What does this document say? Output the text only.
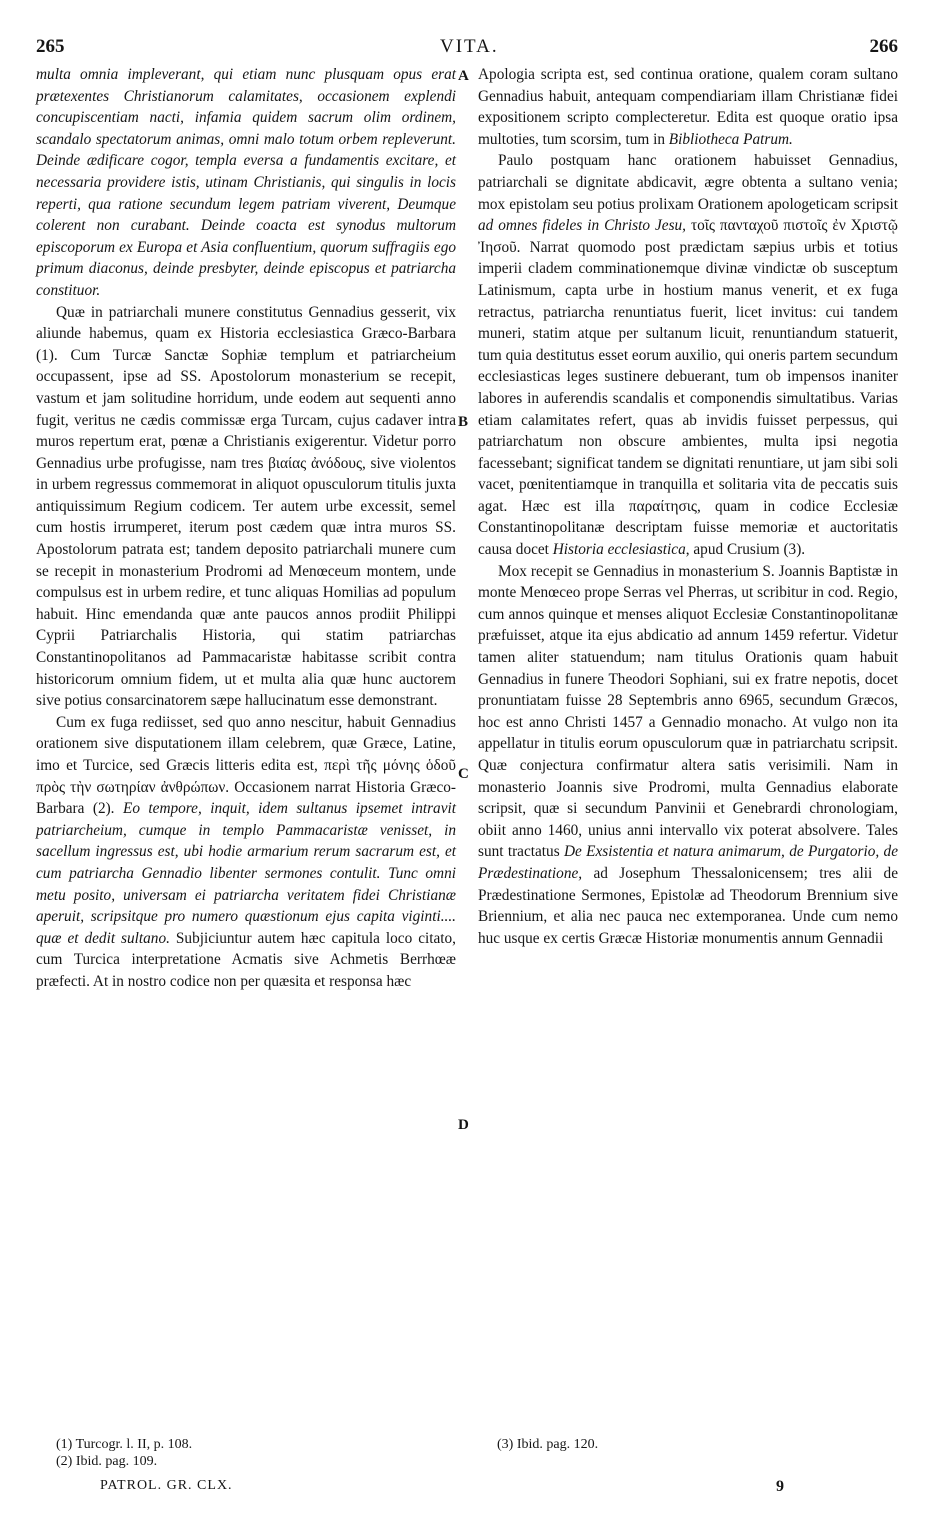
265	VITA.	266
A
B
C
D

multa omnia impleverant, qui etiam nunc plusquam opus erat prætexentes Christianorum calamitates, occasionem explendi concupiscentiam nacti, infamia quidem sacrum olim ordinem, scandalo spectatorum animas, omni malo totum orbem repleverunt. Deinde ædificare cogor, templa eversa a fundamentis excitare, et necessaria providere istis, utinam Christianis, qui singulis in locis reperti, qua ratione secundum legem patriam viverent, Deumque colerent non curabant. Deinde coacta est synodus multorum episcoporum ex Europa et Asia confluentium, quorum suffragiis ego primum diaconus, deinde presbyter, deinde episcopus et patriarcha constituor.

Quæ in patriarchali munere constitutus Gennadius gesserit, vix aliunde habemus, quam ex Historia ecclesiastica Græco-Barbara (1). Cum Turcæ Sanctæ Sophiæ templum et patriarcheium occupassent, ipse ad SS. Apostolorum monasterium se recepit, vastum et jam solitudine horridum, unde eodem aut sequenti anno fugit, veritus ne cædis commissæ erga Turcam, cujus cadaver intra muros repertum erat, pœnæ a Christianis exigerentur. Videtur porro Gennadius urbe profugisse, nam tres βιαίας ἀνόδους, sive violentos in urbem regressus commemorat in aliquot opusculorum titulis juxta antiquissimum Regium codicem. Ter autem urbe excessit, semel cum hostis irrumperet, iterum post cædem quæ intra muros SS. Apostolorum patrata est; tandem deposito patriarchali munere cum se recepit in monasterium Prodromi ad Menœceum montem, unde compulsus est in urbem redire, et tunc aliquas Homilias ad populum habuit. Hinc emendanda quæ ante paucos annos prodiit Philippi Cyprii Patriarchalis Historia, qui statim patriarchas Constantinopolitanos ad Pammacaristæ habitasse scribit contra historicorum omnium fidem, ut et multa alia quæ hunc auctorem sive potius consarcinatorem sæpe hallucinatum esse demonstrant.

Cum ex fuga rediisset, sed quo anno nescitur, habuit Gennadius orationem sive disputationem illam celebrem, quæ Græce, Latine, imo et Turcice, sed Græcis litteris edita est, περὶ τῆς μόνης ὁδοῦ πρὸς τὴν σωτηρίαν ἀνθρώπων. Occasionem narrat Historia Græco-Barbara (2). Eo tempore, inquit, idem sultanus ipsemet intravit patriarcheium, cumque in templo Pammacaristæ venisset, in sacellum ingressus est, ubi hodie armarium rerum sacrarum est, et cum patriarcha Gennadio libenter sermones contulit. Tunc omni metu posito, universam ei patriarcha veritatem fidei Christianæ aperuit, scripsitque pro numero quæstionum ejus capita viginti.... quæ et dedit sultano. Subjiciuntur autem hæc capitula loco citato, cum Turcica interpretatione Acmatis sive Achmetis Berrhœæ præfecti. At in nostro codice non per quæsita et responsa hæc

Apologia scripta est, sed continua oratione, qualem coram sultano Gennadius habuit, antequam compendiariam illam Christianæ fidei expositionem scripto complecteretur. Edita est quoque oratio ipsa multoties, tum scorsim, tum in Bibliotheca Patrum.

Paulo postquam hanc orationem habuisset Gennadius, patriarchali se dignitate abdicavit, ægre obtenta a sultano venia; mox epistolam seu potius prolixam Orationem apologeticam scripsit ad omnes fideles in Christo Jesu, τοῖς πανταχοῦ πιστοῖς ἐν Χριστῷ Ἰησοῦ. Narrat quomodo post prædictam sæpius urbis et totius imperii cladem comminationemque divinæ vindictæ ob susceptum Latinismum, capta urbe in hostium manus venerit, et ex fuga retractus, patriarcha renuntiatus fuerit, licet invitus: cui tandem muneri, statim atque per sultanum licuit, renuntiandum statuerit, tum quia destitutus esset eorum auxilio, qui oneris partem secundum ecclesiasticas leges sustinere debuerant, tum ob impensos inaniter labores in auferendis scandalis et componendis simultatibus. Varias etiam calamitates refert, quas ab invidis fuisset perpessus, qui patriarchatum non obscure ambientes, multa ipsi negotia facessebant; significat tandem se dignitati renuntiare, ut jam sibi soli vacet, pœnitentiamque in tranquilla et solitaria vita de peccatis suis agat. Hæc est illa παραίτησις, quam in codice Ecclesiæ Constantinopolitanæ descriptam fuisse memoriæ et auctoritatis causa docet Historia ecclesiastica, apud Crusium (3).

Mox recepit se Gennadius in monasterium S. Joannis Baptistæ in monte Menœceo prope Serras vel Pherras, ut scribitur in cod. Regio, cum annos quinque et menses aliquot Ecclesiæ Constantinopolitanæ præfuisset, atque ita ejus abdicatio ad annum 1459 refertur. Videtur tamen aliter statuendum; nam titulus Orationis quam habuit Gennadius in funere Theodori Sophiani, sui ex fratre nepotis, docet pronuntiatam fuisse 28 Septembris anno 6965, secundum Græcos, hoc est anno Christi 1457 a Gennadio monacho. At vulgo non ita appellatur in titulis eorum opusculorum quæ in patriarchatu scripsit. Quæ conjectura confirmatur altera satis verisimili. Nam in monasterio Joannis sive Prodromi, multa Gennadius elaborate scripsit, quæ si secundum Panvinii et Genebrardi chronologiam, obiit anno 1460, unius anni intervallo vix poterat absolvere. Tales sunt tractatus De Exsistentia et natura animarum, de Purgatorio, de Prædestinatione, ad Josephum Thessalonicensem; tres alii de Prædestinatione Sermones, Epistolæ ad Theodorum Brennium sive Briennium, et alia nec pauca nec extemporanea. Unde cum nemo huc usque ex certis Græcæ Historiæ monumentis annum Gennadii

(1) Turcogr. l. II, p. 108.
(2) Ibid. pag. 109.
(3) Ibid. pag. 120.
PATROL. GR. CLX.	9
